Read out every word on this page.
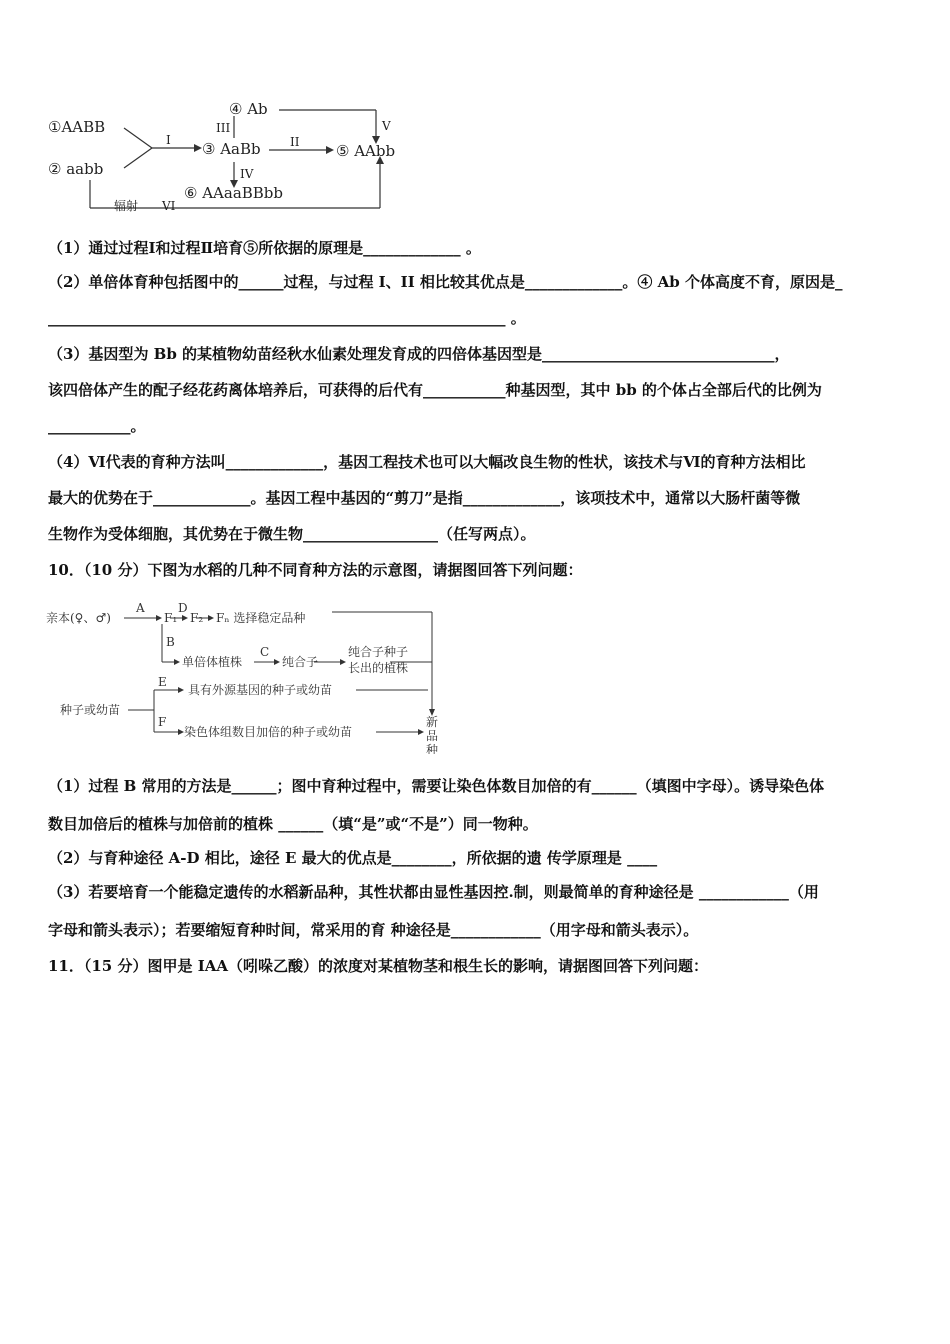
①AABB
② aabb
④ Ab
③ AaBb	⑤ AAbb
⑥ AAaaBBbb
I	II
III
IV
V
辐射 VI
（1）通过过程Ⅰ和过程Ⅱ培育⑤所依据的原理是_____________ 。
（2）单倍体育种包括图中的______过程，与过程 I、II 相比较其优点是_____________。④ Ab 个体高度不育，原因是_
_____________________________________________________________ 。
（3）基因型为 Bb 的某植物幼苗经秋水仙素处理发育成的四倍体基因型是_______________________________，
该四倍体产生的配子经花药离体培养后，可获得的后代有___________种基因型，其中 bb 的个体占全部后代的比例为
___________。
（4）Ⅵ代表的育种方法叫_____________，基因工程技术也可以大幅改良生物的性状，该技术与Ⅵ的育种方法相比
最大的优势在于_____________。基因工程中基因的“剪刀”是指_____________，该项技术中，通常以大肠杆菌等微
生物作为受体细胞，其优势在于微生物__________________（任写两点）。
10．（10 分）下图为水稻的几种不同育种方法的示意图，请据图回答下列问题：
亲本(♀、♂)
A	D
F₁ F₂ Fₙ 选择稳定品种
B
单倍体植株
C
纯合子
纯合子种子
长出的植株
种子或幼苗
E
F
具有外源基因的种子或幼苗
染色体组数目加倍的种子或幼苗
新
品
种
（1）过程 B 常用的方法是______；图中育种过程中，需要让染色体数目加倍的有______（填图中字母）。诱导染色体
数目加倍后的植株与加倍前的植株 ______（填“是”或“不是”）同一物种。
（2）与育种途径 A-D 相比，途径 E 最大的优点是________，所依据的遗 传学原理是 ____
（3）若要培育一个能稳定遗传的水稻新品种，其性状都由显性基因控.制，则最简单的育种途径是 ____________（用
字母和箭头表示）；若要缩短育种时间，常采用的育 种途径是____________（用字母和箭头表示）。
11．（15 分）图甲是 IAA（吲哚乙酸）的浓度对某植物茎和根生长的影响，请据图回答下列问题：
